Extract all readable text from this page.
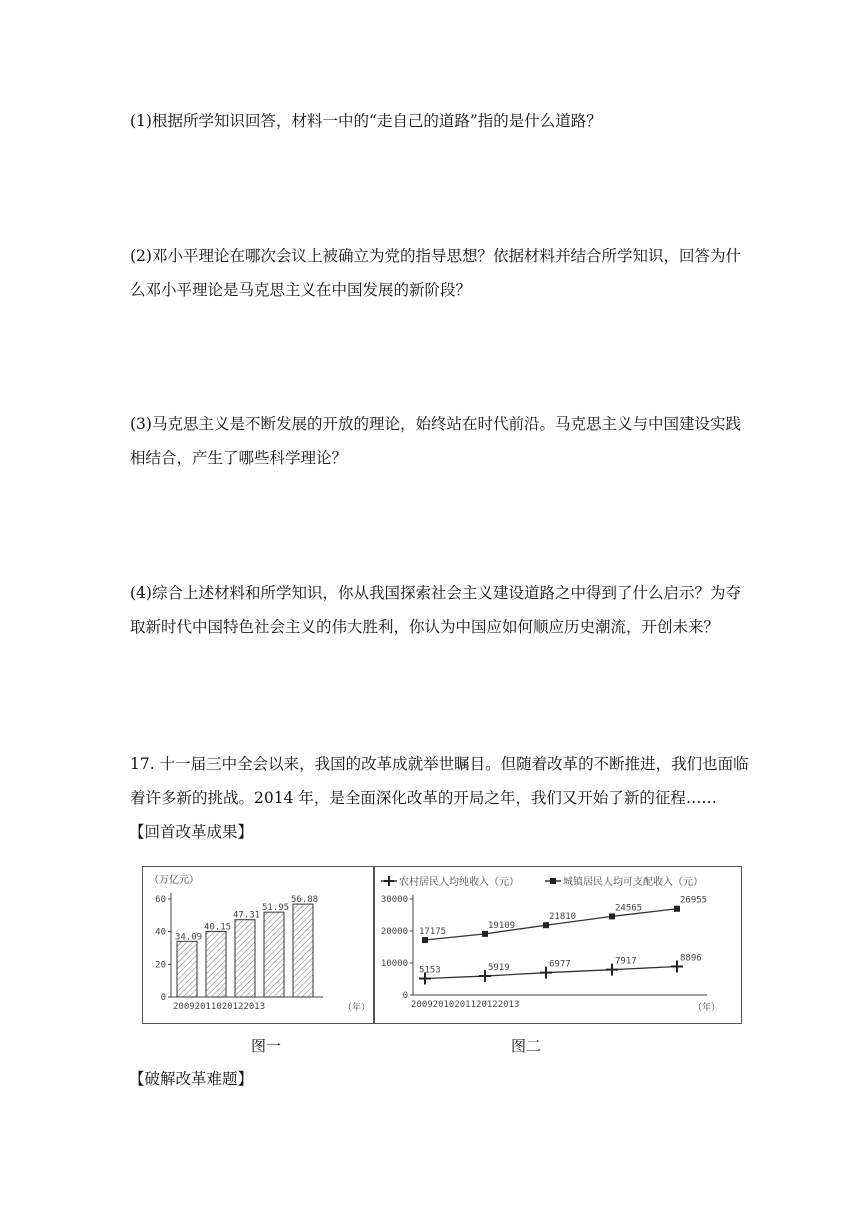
(1)根据所学知识回答，材料一中的“走自己的道路”指的是什么道路？
(2)邓小平理论在哪次会议上被确立为党的指导思想？依据材料并结合所学知识，回答为什
么邓小平理论是马克思主义在中国发展的新阶段？
(3)马克思主义是不断发展的开放的理论，始终站在时代前沿。马克思主义与中国建设实践
相结合，产生了哪些科学理论？
(4)综合上述材料和所学知识，你从我国探索社会主义建设道路之中得到了什么启示？为夺
取新时代中国特色社会主义的伟大胜利，你认为中国应如何顺应历史潮流，开创未来？
17. 十一届三中全会以来，我国的改革成就举世瞩目。但随着改革的不断推进，我们也面临
着许多新的挑战。2014 年，是全面深化改革的开局之年，我们又开始了新的征程……
【回首改革成果】
（万亿元）
0
20
40
60
34.09
40.15
47.31
51.95
56.88
20092011020122013	（年）
农村居民人均纯收入（元）	城镇居民人均可支配收入（元）
0
10000
20000
30000
5153	5919	6977	7917	8896
17175
19109
21810
24565
26955
20092010201120122013	（年）
图一	图二
【破解改革难题】
